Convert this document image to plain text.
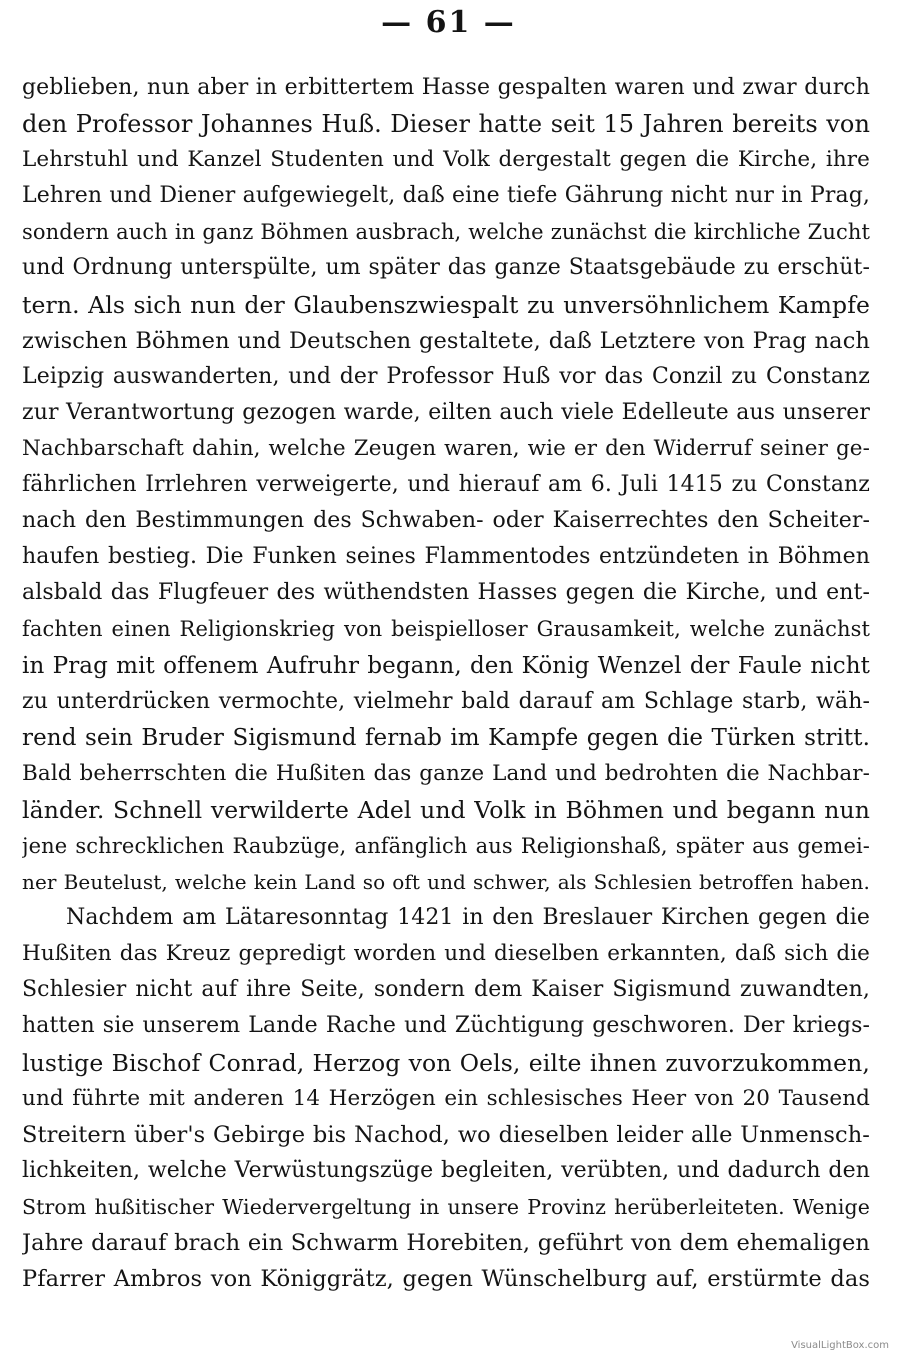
— 61 —
geblieben, nun aber in erbittertem Hasse gespalten waren und zwar durch
den Professor Johannes Huß. Dieser hatte seit 15 Jahren bereits von
Lehrstuhl und Kanzel Studenten und Volk dergestalt gegen die Kirche, ihre
Lehren und Diener aufgewiegelt, daß eine tiefe Gährung nicht nur in Prag,
sondern auch in ganz Böhmen ausbrach, welche zunächst die kirchliche Zucht
und Ordnung unterspülte, um später das ganze Staatsgebäude zu erschüt-
tern. Als sich nun der Glaubenszwiespalt zu unversöhnlichem Kampfe
zwischen Böhmen und Deutschen gestaltete, daß Letztere von Prag nach
Leipzig auswanderten, und der Professor Huß vor das Conzil zu Constanz
zur Verantwortung gezogen warde, eilten auch viele Edelleute aus unserer
Nachbarschaft dahin, welche Zeugen waren, wie er den Widerruf seiner ge-
fährlichen Irrlehren verweigerte, und hierauf am 6. Juli 1415 zu Constanz
nach den Bestimmungen des Schwaben- oder Kaiserrechtes den Scheiter-
haufen bestieg. Die Funken seines Flammentodes entzündeten in Böhmen
alsbald das Flugfeuer des wüthendsten Hasses gegen die Kirche, und ent-
fachten einen Religionskrieg von beispielloser Grausamkeit, welche zunächst
in Prag mit offenem Aufruhr begann, den König Wenzel der Faule nicht
zu unterdrücken vermochte, vielmehr bald darauf am Schlage starb, wäh-
rend sein Bruder Sigismund fernab im Kampfe gegen die Türken stritt.
Bald beherrschten die Hußiten das ganze Land und bedrohten die Nachbar-
länder. Schnell verwilderte Adel und Volk in Böhmen und begann nun
jene schrecklichen Raubzüge, anfänglich aus Religionshaß, später aus gemei-
ner Beutelust, welche kein Land so oft und schwer, als Schlesien betroffen haben.
Nachdem am Lätaresonntag 1421 in den Breslauer Kirchen gegen die
Hußiten das Kreuz gepredigt worden und dieselben erkannten, daß sich die
Schlesier nicht auf ihre Seite, sondern dem Kaiser Sigismund zuwandten,
hatten sie unserem Lande Rache und Züchtigung geschworen. Der kriegs-
lustige Bischof Conrad, Herzog von Oels, eilte ihnen zuvorzukommen,
und führte mit anderen 14 Herzögen ein schlesisches Heer von 20 Tausend
Streitern über's Gebirge bis Nachod, wo dieselben leider alle Unmensch-
lichkeiten, welche Verwüstungszüge begleiten, verübten, und dadurch den
Strom hußitischer Wiedervergeltung in unsere Provinz herüberleiteten. Wenige
Jahre darauf brach ein Schwarm Horebiten, geführt von dem ehemaligen
Pfarrer Ambros von Königgrätz, gegen Wünschelburg auf, erstürmte das
VisualLightBox.com
